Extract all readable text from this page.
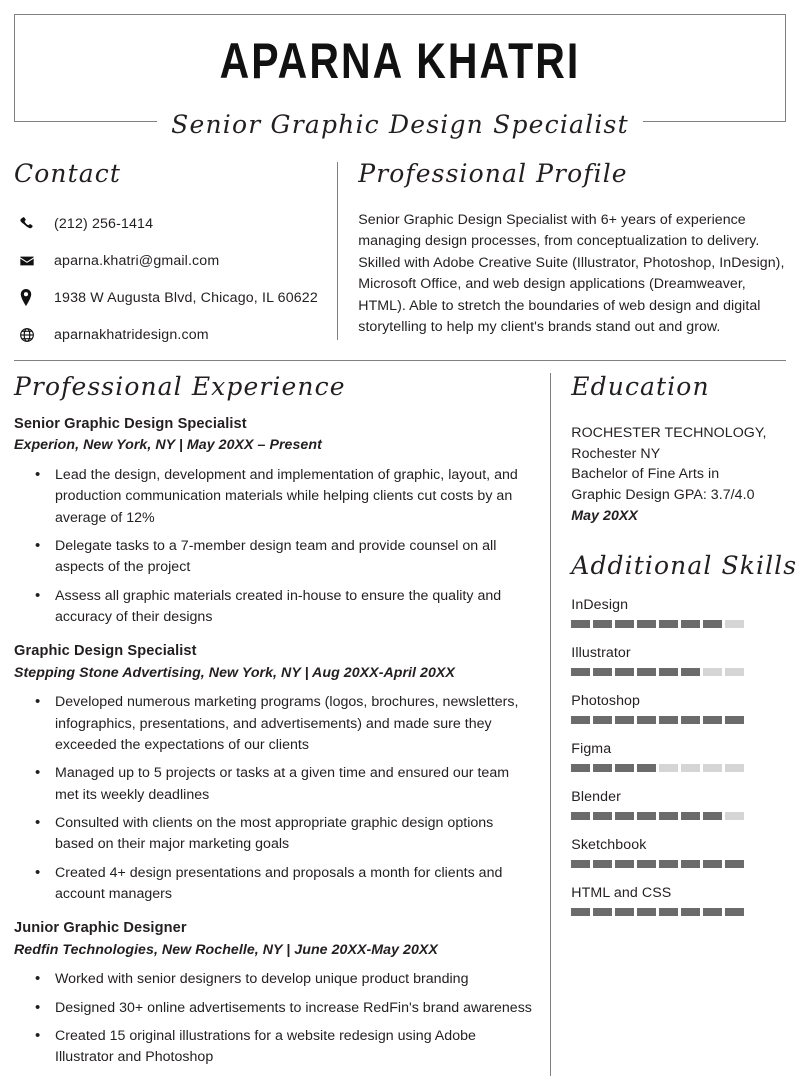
APARNA KHATRI
Senior Graphic Design Specialist
Contact
(212) 256-1414
aparna.khatri@gmail.com
1938 W Augusta Blvd, Chicago, IL 60622
aparnakhatridesign.com
Professional Profile
Senior Graphic Design Specialist with 6+ years of experience managing design processes, from conceptualization to delivery. Skilled with Adobe Creative Suite (Illustrator, Photoshop, InDesign), Microsoft Office, and web design applications (Dreamweaver, HTML). Able to stretch the boundaries of web design and digital storytelling to help my client's brands stand out and grow.
Professional Experience
Senior Graphic Design Specialist
Experion, New York, NY | May 20XX – Present
• Lead the design, development and implementation of graphic, layout, and production communication materials while helping clients cut costs by an average of 12%
• Delegate tasks to a 7-member design team and provide counsel on all aspects of the project
• Assess all graphic materials created in-house to ensure the quality and accuracy of their designs
Graphic Design Specialist
Stepping Stone Advertising, New York, NY | Aug 20XX-April 20XX
• Developed numerous marketing programs (logos, brochures, newsletters, infographics, presentations, and advertisements) and made sure they exceeded the expectations of our clients
• Managed up to 5 projects or tasks at a given time and ensured our team met its weekly deadlines
• Consulted with clients on the most appropriate graphic design options based on their major marketing goals
• Created 4+ design presentations and proposals a month for clients and account managers
Junior Graphic Designer
Redfin Technologies, New Rochelle, NY | June 20XX-May 20XX
• Worked with senior designers to develop unique product branding
• Designed 30+ online advertisements to increase RedFin's brand awareness
• Created 15 original illustrations for a website redesign using Adobe Illustrator and Photoshop
Education
ROCHESTER TECHNOLOGY,
Rochester NY
Bachelor of Fine Arts in
Graphic Design GPA: 3.7/4.0
May 20XX
Additional Skills
InDesign
Illustrator
Photoshop
Figma
Blender
Sketchbook
HTML and CSS
